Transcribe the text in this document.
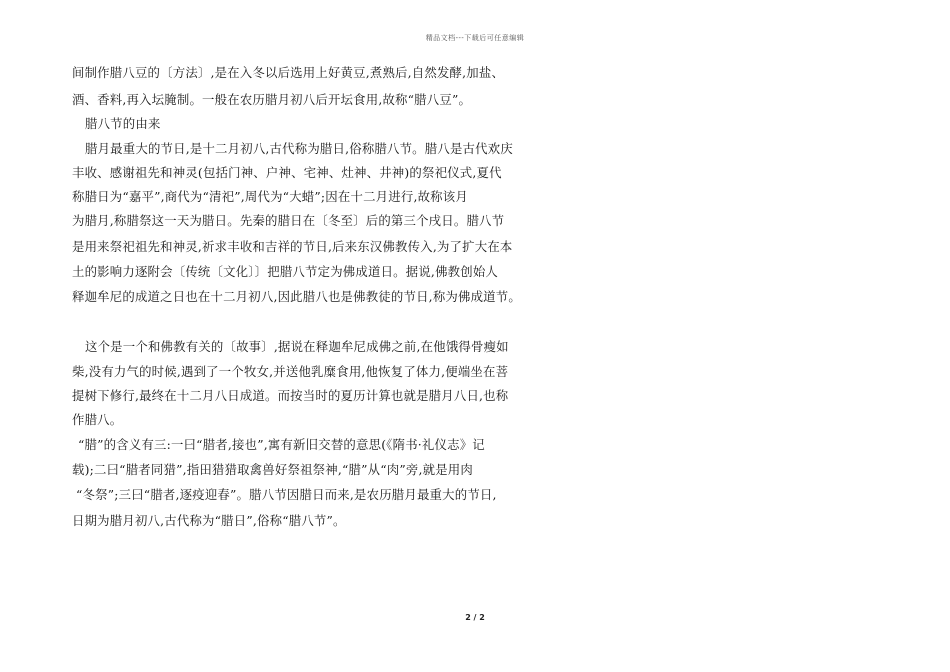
精品文档---下载后可任意编辑
间制作腊八豆的〔方法〕,是在入冬以后选用上好黄豆,煮熟后,自然发酵,加盐、
酒、香料,再入坛腌制。一般在农历腊月初八后开坛食用,故称“腊八豆”。
腊八节的由来
腊月最重大的节日,是十二月初八,古代称为腊日,俗称腊八节。腊八是古代欢庆
丰收、感谢祖先和神灵(包括门神、户神、宅神、灶神、井神)的祭祀仪式,夏代
称腊日为“嘉平”,商代为“清祀”,周代为“大蜡”;因在十二月进行,故称该月
为腊月,称腊祭这一天为腊日。先秦的腊日在〔冬至〕后的第三个戌日。腊八节
是用来祭祀祖先和神灵,祈求丰收和吉祥的节日,后来东汉佛教传入,为了扩大在本
土的影响力逐附会〔传统〔文化〕〕把腊八节定为佛成道日。据说,佛教创始人
释迦牟尼的成道之日也在十二月初八,因此腊八也是佛教徒的节日,称为佛成道节。
这个是一个和佛教有关的〔故事〕,据说在释迦牟尼成佛之前,在他饿得骨瘦如
柴,没有力气的时候,遇到了一个牧女,并送他乳糜食用,他恢复了体力,便端坐在菩
提树下修行,最终在十二月八日成道。而按当时的夏历计算也就是腊月八日,也称
作腊八。
“腊”的含义有三:一曰“腊者,接也”,寓有新旧交替的意思(《隋书·礼仪志》记
载);二曰“腊者同猎”,指田猎猎取禽兽好祭祖祭神,“腊”从“肉”旁,就是用肉
“冬祭”;三曰“腊者,逐疫迎春”。腊八节因腊日而来,是农历腊月最重大的节日,
日期为腊月初八,古代称为“腊日”,俗称“腊八节”。
2 / 2
